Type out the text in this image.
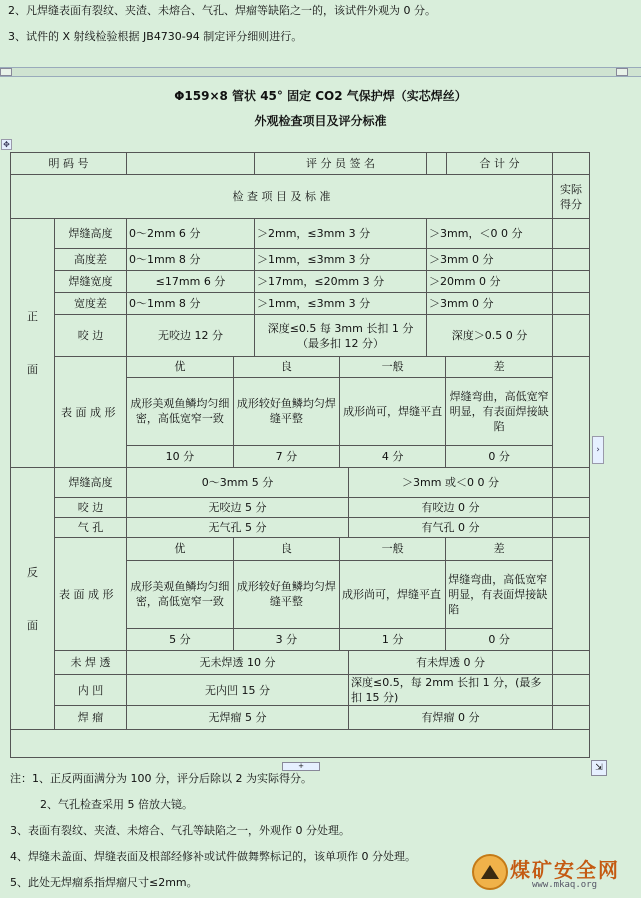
2、凡焊缝表面有裂纹、夹渣、未熔合、气孔、焊瘤等缺陷之一的，该试件外观为 0 分。
3、试件的 X 射线检验根据 JB4730-94 制定评分细则进行。
Φ159×8 管状 45° 固定 CO2 气保护焊（实芯焊丝）
外观检查项目及评分标准
✥
明 码 号		评 分 员 签 名		合 计 分	
检 查 项 目 及 标 准	实际得分

正
面
	焊缝高度	0～2mm 6 分	＞2mm，≤3mm 3 分	＞3mm，＜0 0 分	
高度差	0～1mm 8 分	＞1mm，≤3mm 3 分	＞3mm 0 分	
焊缝宽度	≤17mm 6 分	＞17mm，≤20mm 3 分	＞20mm 0 分	
宽度差	0～1mm 8 分	＞1mm，≤3mm 3 分	＞3mm 0 分	
咬 边	无咬边 12 分	深度≤0.5 每 3mm 长扣 1 分（最多扣 12 分）	深度＞0.5 0 分	
表 面 成 形	
优	良	一般	差
成形美观鱼鳞均匀细密，高低宽窄一致	成形较好鱼鳞均匀焊缝平整	成形尚可，焊缝平直	焊缝弯曲，高低宽窄明显，有表面焊接缺陷
10 分	7 分	4 分	0 分

反
面
	焊缝高度	0～3mm 5 分	＞3mm 或＜0 0 分	
咬 边	无咬边 5 分	有咬边 0 分	
气 孔	无气孔 5 分	有气孔 0 分	
表 面 成 形	
优	良	一般	差
成形美观鱼鳞均匀细密，高低宽窄一致	成形较好鱼鳞均匀焊缝平整	成形尚可，焊缝平直	焊缝弯曲，高低宽窄明显，有表面焊接缺陷
5 分	3 分	1 分	0 分

未 焊 透	无未焊透 10 分	有未焊透 0 分	
内 凹	无内凹 15 分	深度≤0.5，每 2mm 长扣 1 分，(最多扣 15 分)	
焊 瘤	无焊瘤 5 分	有焊瘤 0 分	

›
+	⇲
注：1、正反两面满分为 100 分，评分后除以 2 为实际得分。
2、气孔检查采用 5 倍放大镜。
3、表面有裂纹、夹渣、未熔合、气孔等缺陷之一，外观作 0 分处理。
4、焊缝未盖面、焊缝表面及根部经修补或试件做舞弊标记的，该单项作 0 分处理。
5、此处无焊瘤系指焊瘤尺寸≤2mm。
煤矿安全网
www.mkaq.org
